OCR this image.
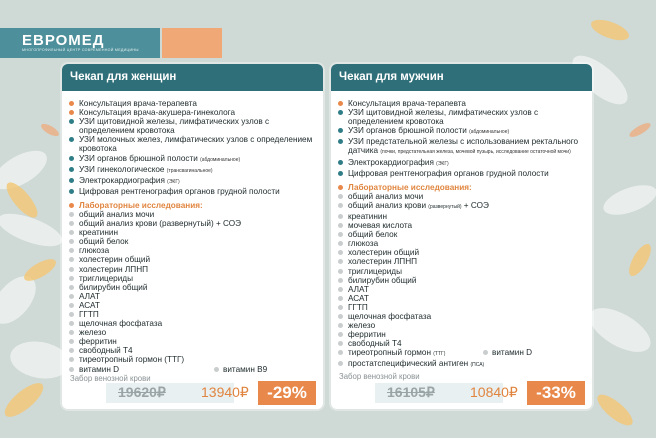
ЕВРОМЕД
МНОГОПРОФИЛЬНЫЙ ЦЕНТР СОВРЕМЕННОЙ МЕДИЦИНЫ
Чекап для женщин
Консультация врача-терапевта
Консультация врача-акушера-гинеколога
УЗИ щитовидной железы, лимфатических узлов с определением кровотока
УЗИ молочных желез, лимфатических узлов с определением кровотока
УЗИ органов брюшной полости (абдоминальное)
УЗИ гинекологическое (трансвагинальное)
Электрокардиография (ЭКГ)
Цифровая рентгенография органов грудной полости
Лабораторные исследования:
общий анализ мочи
общий анализ крови (развернутый) + СОЭ
креатинин
общий белок
глюкоза
холестерин общий
холестерин ЛПНП
триглицериды
билирубин общий
АЛАТ
АСАТ
ГГТП
щелочная фосфатаза
железо
ферритин
свободный Т4
тиреотропный гормон (ТТГ)
витамин D	витамин В9
Забор венозной крови
19620₽	13940₽	-29%
Чекап для мужчин
Консультация врача-терапевта
УЗИ щитовидной железы, лимфатических узлов с определением кровотока
УЗИ органов брюшной полости (абдоминальное)
УЗИ предстательной железы с использованием ректального датчика (почки, предстательная железа, мочевой пузырь, исследование остаточной мочи)
Электрокардиография (ЭКГ)
Цифровая рентгенография органов грудной полости
Лабораторные исследования:
общий анализ мочи
общий анализ крови (развернутый) + СОЭ
креатинин
мочевая кислота
общий белок
глюкоза
холестерин общий
холестерин ЛПНП
триглицериды
билирубин общий
АЛАТ
АСАТ
ГГТП
щелочная фосфатаза
железо
ферритин
свободный Т4
тиреотропный гормон (ТТГ)	витамин D
простатспецифический антиген (ПСА)
Забор венозной крови
16105₽	10840₽	-33%
